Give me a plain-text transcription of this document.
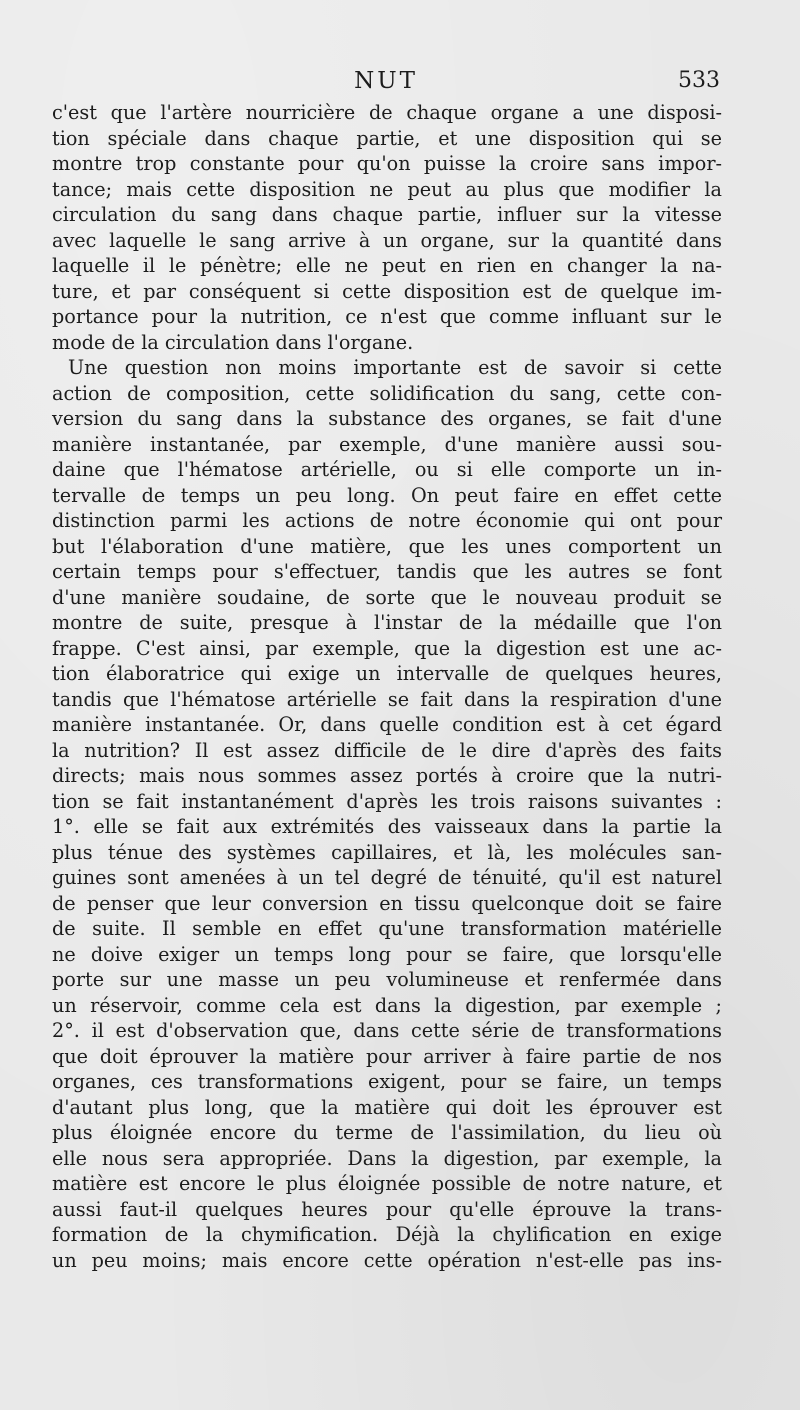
NUT	533
c'est que l'artère nourricière de chaque organe a une disposi-
tion spéciale dans chaque partie, et une disposition qui se
montre trop constante pour qu'on puisse la croire sans impor-
tance; mais cette disposition ne peut au plus que modifier la
circulation du sang dans chaque partie, influer sur la vitesse
avec laquelle le sang arrive à un organe, sur la quantité dans
laquelle il le pénètre; elle ne peut en rien en changer la na-
ture, et par conséquent si cette disposition est de quelque im-
portance pour la nutrition, ce n'est que comme influant sur le
mode de la circulation dans l'organe.
Une question non moins importante est de savoir si cette
action de composition, cette solidification du sang, cette con-
version du sang dans la substance des organes, se fait d'une
manière instantanée, par exemple, d'une manière aussi sou-
daine que l'hématose artérielle, ou si elle comporte un in-
tervalle de temps un peu long. On peut faire en effet cette
distinction parmi les actions de notre économie qui ont pour
but l'élaboration d'une matière, que les unes comportent un
certain temps pour s'effectuer, tandis que les autres se font
d'une manière soudaine, de sorte que le nouveau produit se
montre de suite, presque à l'instar de la médaille que l'on
frappe. C'est ainsi, par exemple, que la digestion est une ac-
tion élaboratrice qui exige un intervalle de quelques heures,
tandis que l'hématose artérielle se fait dans la respiration d'une
manière instantanée. Or, dans quelle condition est à cet égard
la nutrition? Il est assez difficile de le dire d'après des faits
directs; mais nous sommes assez portés à croire que la nutri-
tion se fait instantanément d'après les trois raisons suivantes :
1°. elle se fait aux extrémités des vaisseaux dans la partie la
plus ténue des systèmes capillaires, et là, les molécules san-
guines sont amenées à un tel degré de ténuité, qu'il est naturel
de penser que leur conversion en tissu quelconque doit se faire
de suite. Il semble en effet qu'une transformation matérielle
ne doive exiger un temps long pour se faire, que lorsqu'elle
porte sur une masse un peu volumineuse et renfermée dans
un réservoir, comme cela est dans la digestion, par exemple ;
2°. il est d'observation que, dans cette série de transformations
que doit éprouver la matière pour arriver à faire partie de nos
organes, ces transformations exigent, pour se faire, un temps
d'autant plus long, que la matière qui doit les éprouver est
plus éloignée encore du terme de l'assimilation, du lieu où
elle nous sera appropriée. Dans la digestion, par exemple, la
matière est encore le plus éloignée possible de notre nature, et
aussi faut-il quelques heures pour qu'elle éprouve la trans-
formation de la chymification. Déjà la chylification en exige
un peu moins; mais encore cette opération n'est-elle pas ins-
